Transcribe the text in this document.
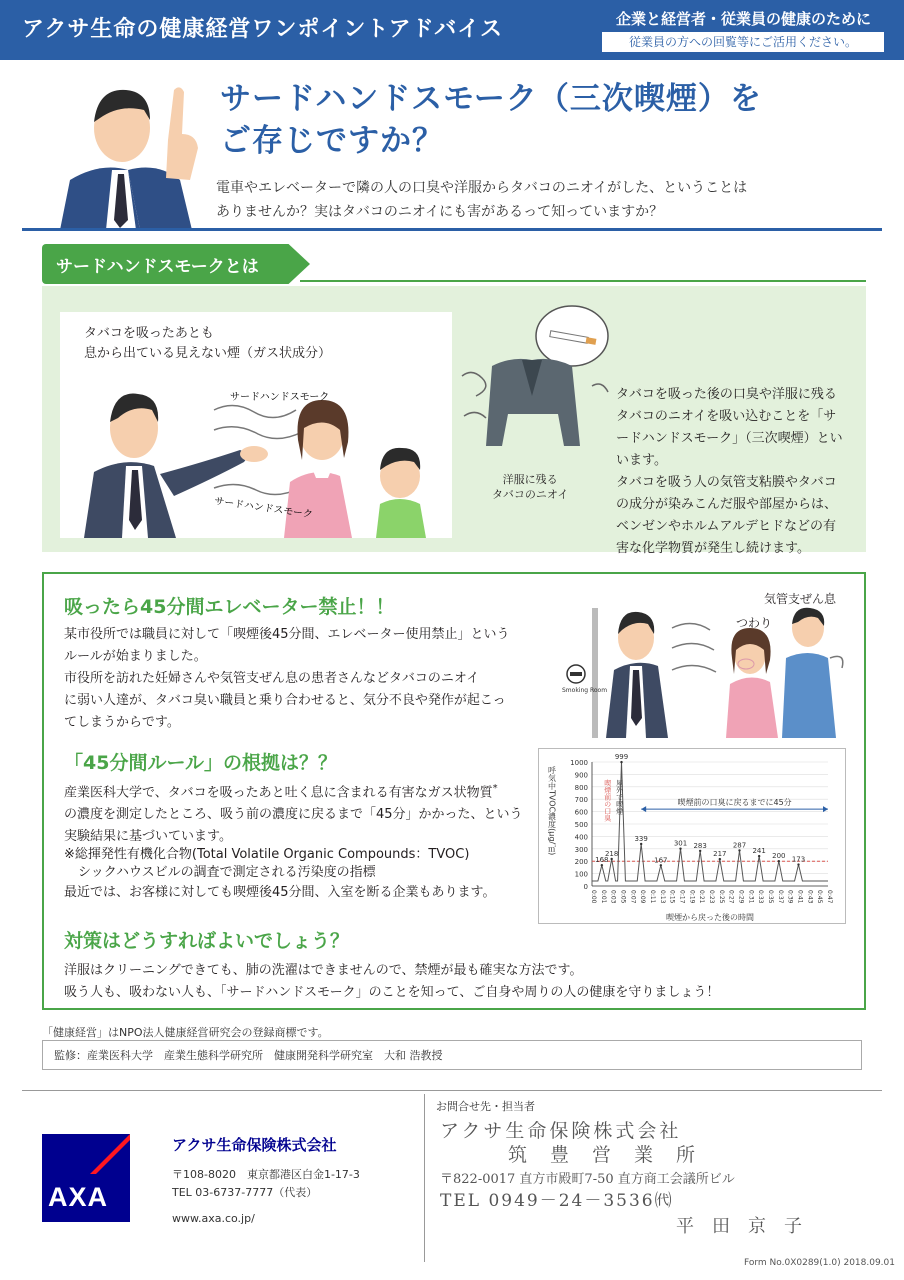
アクサ生命の健康経営ワンポイントアドバイス	企業と経営者・従業員の健康のために
従業員の方への回覧等にご活用ください。
サードハンドスモーク（三次喫煙）を
ご存じですか？
電車やエレベーターで隣の人の口臭や洋服からタバコのニオイがした、ということは
ありませんか？実はタバコのニオイにも害があるって知っていますか？
サードハンドスモークとは
タバコを吸ったあとも
息から出ている見えない煙（ガス状成分）
サードハンドスモーク
サードハンドスモーク
洋服に残る
タバコのニオイ
タバコを吸った後の口臭や洋服に残る
タバコのニオイを吸い込むことを「サ
ードハンドスモーク」（三次喫煙）とい
います。
タバコを吸う人の気管支粘膜やタバコ
の成分が染みこんだ服や部屋からは、
ベンゼンやホルムアルデヒドなどの有
害な化学物質が発生し続けます。
吸ったら45分間エレベーター禁止！！
某市役所では職員に対して「喫煙後45分間、エレベーター使用禁止」という
ルールが始まりました。
市役所を訪れた妊婦さんや気管支ぜん息の患者さんなどタバコのニオイ
に弱い人達が、タバコ臭い職員と乗り合わせると、気分不良や発作が起こっ
てしまうからです。
Smoking Room
気管支ぜん息
つわり
「45分間ルール」の根拠は？？
産業医科大学で、タバコを吸ったあと吐く息に含まれる有害なガス状物質*
の濃度を測定したところ、吸う前の濃度に戻るまで「45分」かかった、という
実験結果に基づいています。
※総揮発性有機化合物(Total Volatile Organic Compounds：TVOC)
シックハウスビルの調査で測定される汚染度の指標
最近では、お客様に対しても喫煙後45分間、入室を断る企業もあります。	0
100
200
300
400
500
600
700
800
900
1000
0:00 0:01 0:03 0:05 0:07 0:09 0:11 0:13 0:15 0:17 0:19 0:21 0:23 0:25 0:27 0:29 0:31 0:33 0:35 0:37 0:39 0:41 0:43 0:45 0:47
168
218
999
339
167
301 283
217
287
241
200 173
喫煙前の口臭に戻るまでに45分
喫煙前の口臭 屋外で喫煙
呼気中TVOC濃度(μg/㎥)
喫煙から戻った後の時間
対策はどうすればよいでしょう？
洋服はクリーニングできても、肺の洗濯はできませんので、禁煙が最も確実な方法です。
吸う人も、吸わない人も、「サードハンドスモーク」のことを知って、ご自身や周りの人の健康を守りましょう！
「健康経営」はNPO法人健康経営研究会の登録商標です。
監修：産業医科大学　産業生態科学研究所　健康開発科学研究室　大和 浩教授
AXA
アクサ生命保険株式会社
〒108-8020　東京都港区白金1-17-3
TEL 03-6737-7777（代表）
www.axa.co.jp/
お問合せ先・担当者
アクサ生命保険株式会社
筑　豊　営　業　所
〒822-0017 直方市殿町7-50 直方商工会議所ビル
TEL 0949－24－3536㈹
平　田　京　子
Form No.0X0289(1.0) 2018.09.01
